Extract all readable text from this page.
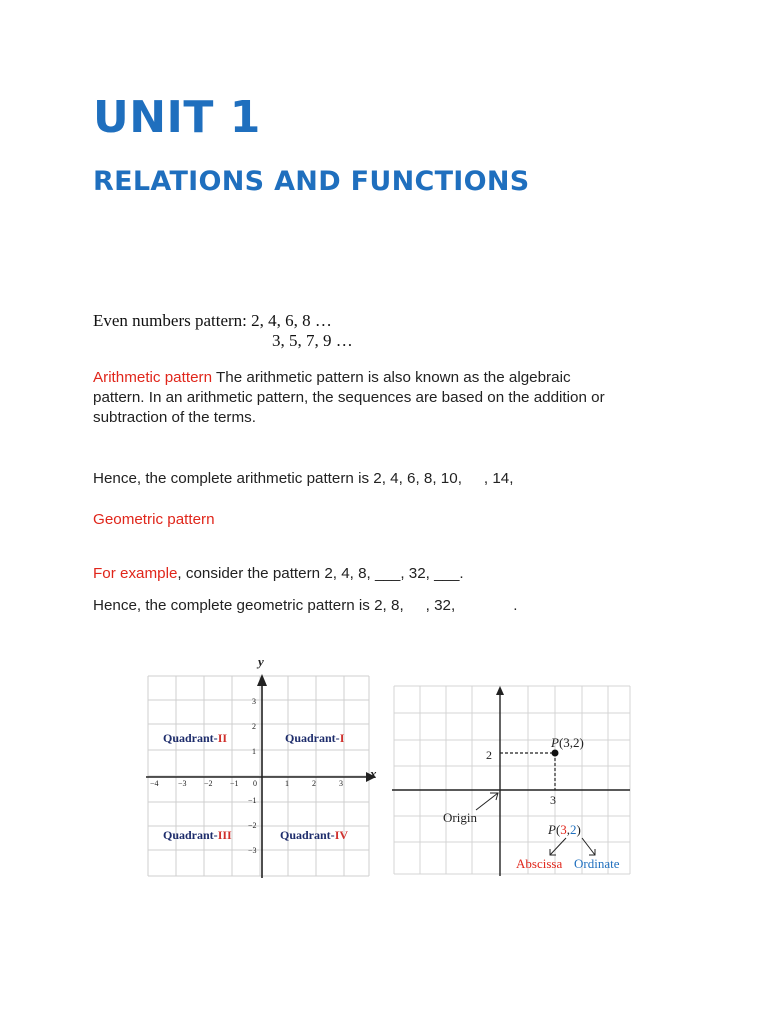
UNIT 1
RELATIONS AND FUNCTIONS
Even numbers pattern: 2, 4, 6, 8 …
3, 5, 7, 9 …
Arithmetic pattern The arithmetic pattern is also known as the algebraic
pattern. In an arithmetic pattern, the sequences are based on the addition or
subtraction of the terms.
Hence, the complete arithmetic pattern is 2, 4, 6, 8, 10, , 14,
Geometric pattern
For example, consider the pattern 2, 4, 8, ___, 32, ___.
Hence, the complete geometric pattern is 2, 8, , 32,	.
y
x
−4 −3 −2 −1 0	1	2	3
3
2
1
−1
−2
−3
Quadrant-II	Quadrant-I
Quadrant-III	Quadrant-IV
P(3,2)
2
3
Origin
P(3,2)
Abscissa Ordinate
